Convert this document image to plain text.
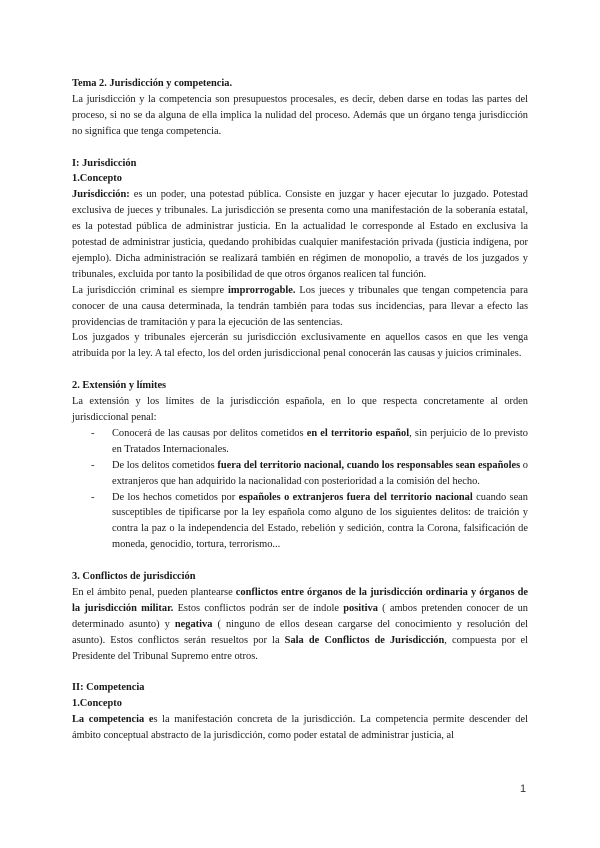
Tema 2. Jurisdicción y competencia.

La jurisdicción y la competencia son presupuestos procesales, es decir, deben darse en todas las partes del proceso, si no se da alguna de ella implica la nulidad del proceso. Además que un órgano tenga jurisdicción no significa que tenga competencia.

I: Jurisdicción

1.Concepto

Jurisdicción: es un poder, una potestad pública. Consiste en juzgar y hacer ejecutar lo juzgado. Potestad exclusiva de jueces y tribunales. La jurisdicción se presenta como una manifestación de la soberanía estatal, es la potestad pública de administrar justicia. En la actualidad le corresponde al Estado en exclusiva la potestad de administrar justicia, quedando prohibidas cualquier manifestación privada (justicia indígena, por ejemplo). Dicha administración se realizará también en régimen de monopolio, a través de los juzgados y tribunales, excluida por tanto la posibilidad de que otros órganos realicen tal función.

La jurisdicción criminal es siempre improrrogable. Los jueces y tribunales que tengan competencia para conocer de una causa determinada, la tendrán también para todas sus incidencias, para llevar a efecto las providencias de tramitación y para la ejecución de las sentencias.

Los juzgados y tribunales ejercerán su jurisdicción exclusivamente en aquellos casos en que les venga atribuida por la ley. A tal efecto, los del orden jurisdiccional penal conocerán las causas y juicios criminales.

2. Extensión y límites

La extensión y los límites de la jurisdicción española, en lo que respecta concretamente al orden jurisdiccional penal:

- Conocerá de las causas por delitos cometidos en el territorio español, sin perjuicio de lo previsto en Tratados Internacionales.
- De los delitos cometidos fuera del territorio nacional, cuando los responsables sean españoles o extranjeros que han adquirido la nacionalidad con posterioridad a la comisión del hecho.
- De los hechos cometidos por españoles o extranjeros fuera del territorio nacional cuando sean susceptibles de tipificarse por la ley española como alguno de los siguientes delitos: de traición y contra la paz o la independencia del Estado, rebelión y sedición, contra la Corona, falsificación de moneda, genocidio, tortura, terrorismo...

3. Conflictos de jurisdicción

En el ámbito penal, pueden plantearse conflictos entre órganos de la jurisdicción ordinaria y órganos de la jurisdicción militar. Estos conflictos podrán ser de índole positiva ( ambos pretenden conocer de un determinado asunto) y negativa ( ninguno de ellos desean cargarse del conocimiento y resolución del asunto). Estos conflictos serán resueltos por la Sala de Conflictos de Jurisdicción, compuesta por el Presidente del Tribunal Supremo entre otros.

II: Competencia

1.Concepto

La competencia es la manifestación concreta de la jurisdicción. La competencia permite descender del ámbito conceptual abstracto de la jurisdicción, como poder estatal de administrar justicia, al

1
